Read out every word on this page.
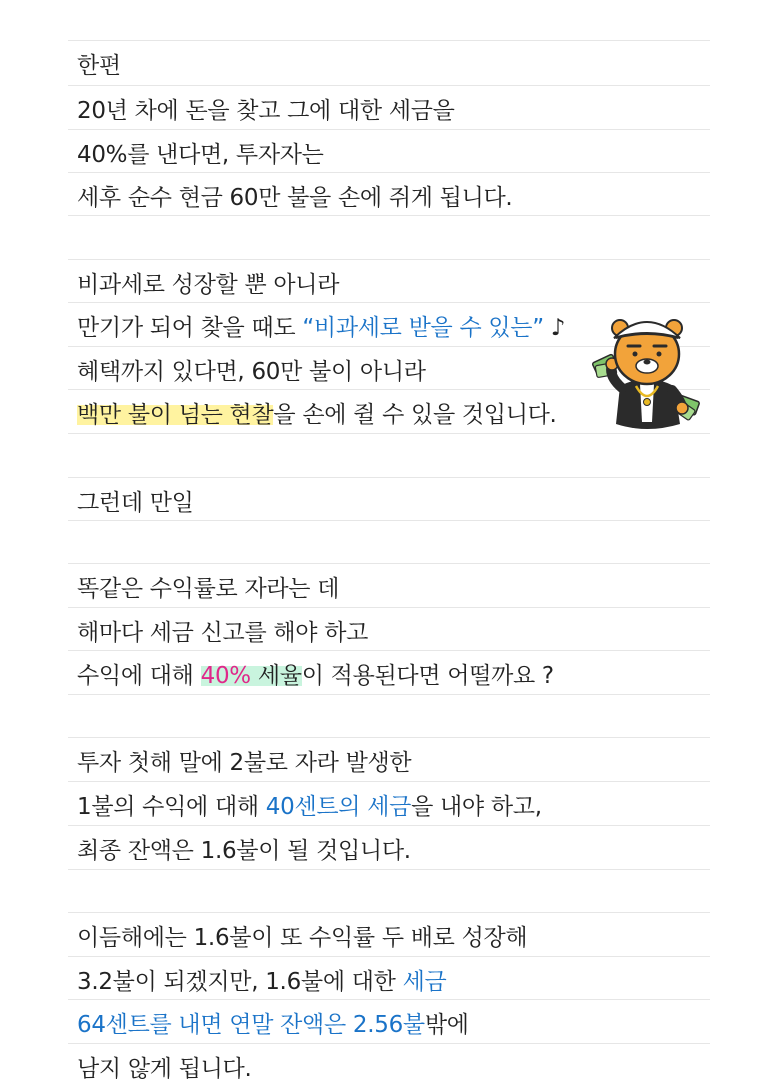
한편
20년 차에 돈을 찾고 그에 대한 세금을
40%를 낸다면, 투자자는
세후 순수 현금 60만 불을 손에 쥐게 됩니다.
비과세로 성장할 뿐 아니라
만기가 되어 찾을 때도 “비과세로 받을 수 있는” ♪
혜택까지 있다면, 60만 불이 아니라
백만 불이 넘는 현찰을 손에 쥘 수 있을 것입니다.
그런데 만일
똑같은 수익률로 자라는 데
해마다 세금 신고를 해야 하고
수익에 대해 40% 세율이 적용된다면 어떨까요 ?
투자 첫해 말에 2불로 자라 발생한
1불의 수익에 대해 40센트의 세금을 내야 하고,
최종 잔액은 1.6불이 될 것입니다.
이듬해에는 1.6불이 또 수익률 두 배로 성장해
3.2불이 되겠지만, 1.6불에 대한 세금
64센트를 내면 연말 잔액은 2.56불밖에
남지 않게 됩니다.
